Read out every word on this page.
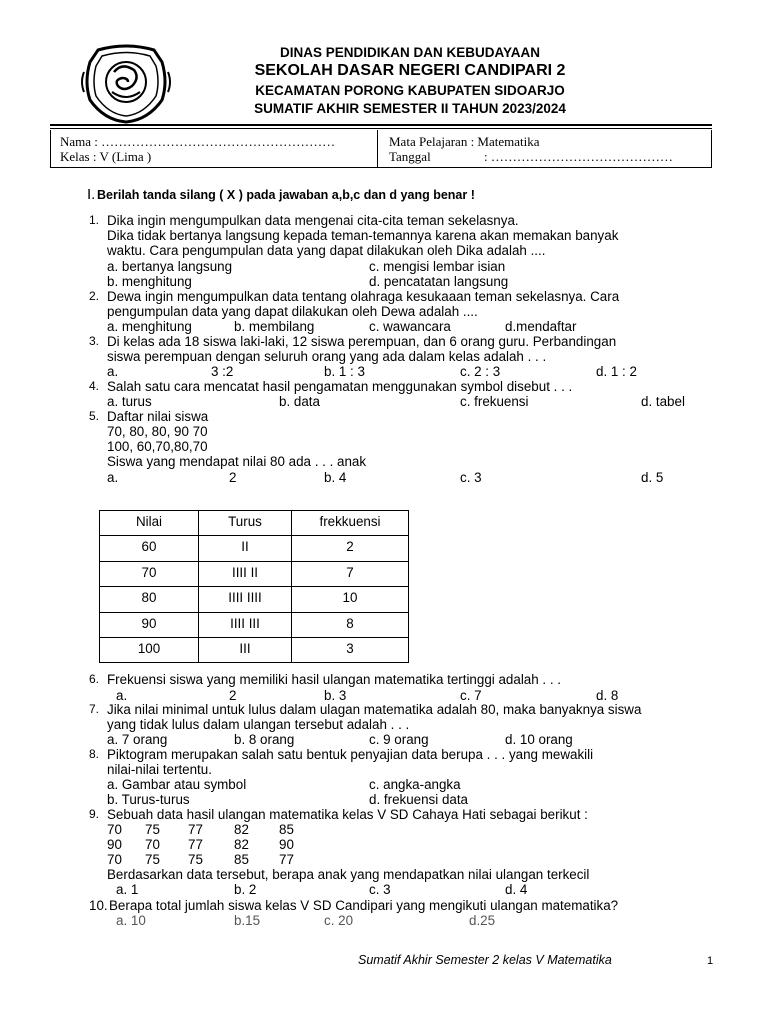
DINAS PENDIDIKAN DAN KEBUDAYAAN
SEKOLAH DASAR NEGERI CANDIPARI 2
KECAMATAN PORONG KABUPATEN SIDOARJO
SUMATIF AKHIR SEMESTER II TAHUN 2023/2024
Nama : ………………………………………………
Kelas : V (Lima )
Mata Pelajaran : Matematika
Tanggal	: ……………………………………
I. Berilah tanda silang ( X ) pada jawaban a,b,c dan d yang benar !
1. Dika ingin mengumpulkan data mengenai cita-cita teman sekelasnya.
Dika tidak bertanya langsung kepada teman-temannya karena akan memakan banyak
waktu. Cara pengumpulan data yang dapat dilakukan oleh Dika adalah ....
a. bertanya langsung	c. mengisi lembar isian
b. menghitung	d. pencatatan langsung
2. Dewa ingin mengumpulkan data tentang olahraga kesukaaan teman sekelasnya. Cara
pengumpulan data yang dapat dilakukan oleh Dewa adalah ....
a. menghitung	b. membilang	c. wawancara	d.mendaftar
3. Di kelas ada 18 siswa laki-laki, 12 siswa perempuan, dan 6 orang guru. Perbandingan
siswa perempuan dengan seluruh orang yang ada dalam kelas adalah . . .
a.	3 :2	b. 1 : 3	c. 2 : 3	d. 1 : 2
4. Salah satu cara mencatat hasil pengamatan menggunakan symbol disebut . . .
a. turus	b. data	c. frekuensi	d. tabel
5. Daftar nilai siswa
70, 80, 80, 90 70
100, 60,70,80,70
Siswa yang mendapat nilai 80 ada . . . anak
a.	2	b. 4	c. 3	d. 5
Nilai	Turus	frekkuensi
60	II	2
70	IIII II	7
80	IIII IIII	10
90	IIII III	8
100	III	3
6. Frekuensi siswa yang memiliki hasil ulangan matematika tertinggi adalah . . .
a.	2	b. 3	c. 7	d. 8
7. Jika nilai minimal untuk lulus dalam ulagan matematika adalah 80, maka banyaknya siswa
yang tidak lulus dalam ulangan tersebut adalah . . .
a. 7 orang	b. 8 orang	c. 9 orang	d. 10 orang
8. Piktogram merupakan salah satu bentuk penyajian data berupa . . . yang mewakili
nilai-nilai tertentu.
a. Gambar atau symbol	c. angka-angka
b. Turus-turus	d. frekuensi data
9. Sebuah data hasil ulangan matematika kelas V SD Cahaya Hati sebagai berikut :
70 75 77 82 85
90 70 77 82 90
70 75 75 85 77
Berdasarkan data tersebut, berapa anak yang mendapatkan nilai ulangan terkecil
a. 1	b. 2	c. 3	d. 4
10. Berapa total jumlah siswa kelas V SD Candipari yang mengikuti ulangan matematika?
a. 10	b.15	c. 20	d.25
Sumatif Akhir Semester 2 kelas V Matematika	1
